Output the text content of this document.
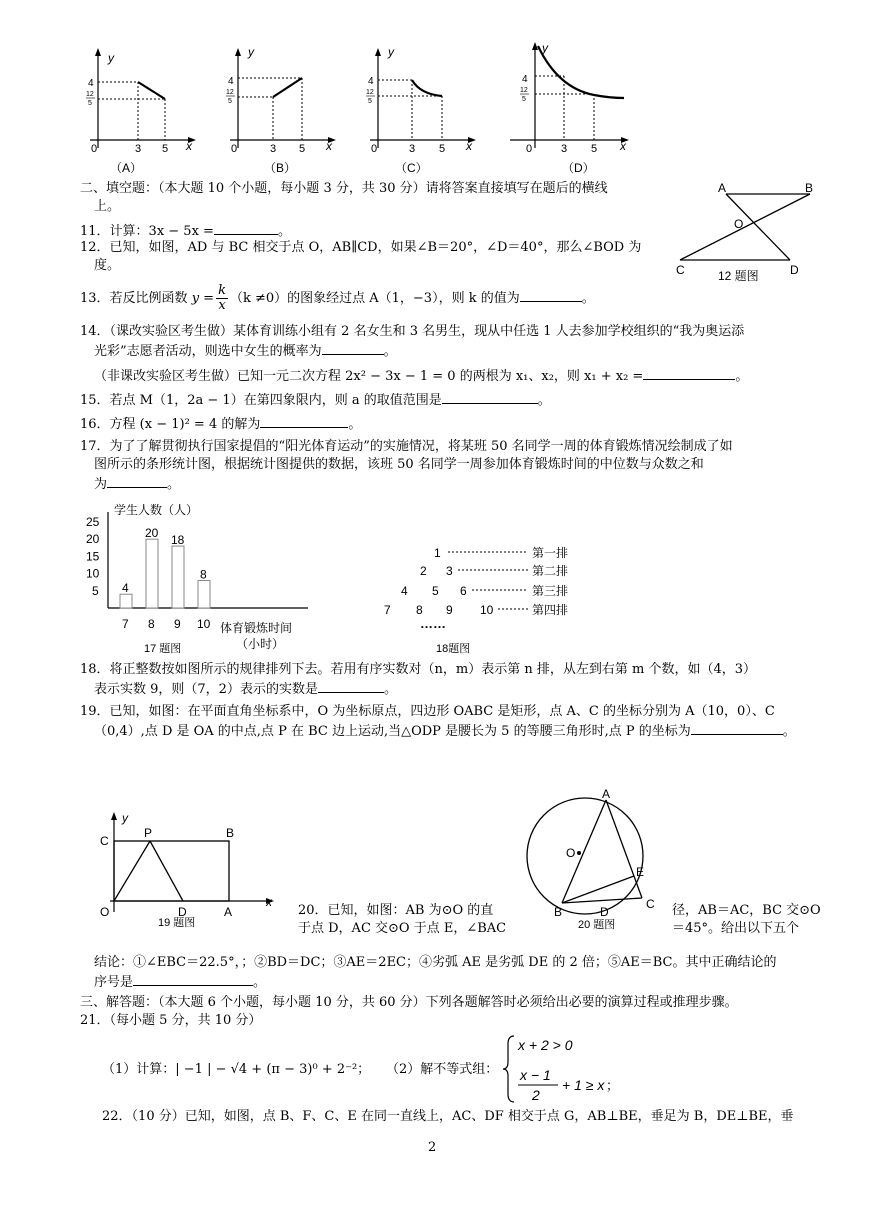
y
x
4
12
5
0	3 5
（A）
y
x
4
12
5
0	3 5
（B）
y
x
4
12
5
0	3 5
（C）
y
x
4
12
5
0	3 5
（D）
二、填空题：（本大题 10 个小题，每小题 3 分，共 30 分）请将答案直接填写在题后的横线
上。
A	B
O
C	D
12 题图
11．计算：3x − 5x =	。
12．已知，如图，AD 与 BC 相交于点 O，AB∥CD，如果∠B＝20°，∠D＝40°，那么∠BOD 为
度。
13．若反比例函数 $y = \frac{k}{x} (k \ne 0)$的图象经过点 A（1，−3），则 k 的值为	。
14．（课改实验区考生做）某体育训练小组有 2 名女生和 3 名男生，现从中任选 1 人去参加学校组织的“我为奥运添
光彩”志愿者活动，则选中女生的概率为	。
（非课改实验区考生做）已知一元二次方程 2x² − 3x − 1 = 0 的两根为 x₁、x₂，则 x₁ + x₂ =	。
15．若点 M（1，2a − 1）在第四象限内，则 a 的取值范围是	。
16．方程 (x − 1)² = 4 的解为	。
17．为了了解贯彻执行国家提倡的“阳光体育运动”的实施情况，将某班 50 名同学一周的体育锻炼情况绘制成了如
图所示的条形统计图，根据统计图提供的数据，该班 50 名同学一周参加体育锻炼时间的中位数与众数之和
为	。
学生人数（人）
体育锻炼时间
（小时）
17 题图
5
10
15
20
25
4
7
20
8
18
9
8
10
1
2 3
4 5 6
7 8 9 10
第一排
第二排
第三排
第四排
……
18题图
18．将正整数按如图所示的规律排列下去。若用有序实数对（n，m）表示第 n 排，从左到右第 m 个数，如（4，3）
表示实数 9，则（7，2）表示的实数是	。
19．已知，如图：在平面直角坐标系中，O 为坐标原点，四边形 OABC 是矩形，点 A、C 的坐标分别为 A（10，0）、C
（0,4）,点 D 是 OA 的中点,点 P 在 BC 边上运动,当△ODP 是腰长为 5 的等腰三角形时,点 P 的坐标为	。
y
x
C
P	B
O	D	A
19 题图
A
O
E
B	D
C
20 题图
20．已知，如图：AB 为⊙O 的直
于点 D，AC 交⊙O 于点 E，∠BAC
径，AB＝AC，BC 交⊙O
＝45°。给出以下五个
结论：①∠EBC＝22.5°，；②BD＝DC；③AE＝2EC；④劣弧 AE 是劣弧 DE 的 2 倍；⑤AE＝BC。其中正确结论的
序号是	。
三、解答题：（本大题 6 个小题，每小题 10 分，共 60 分）下列各题解答时必须给出必要的演算过程或推理步骤。
21．（每小题 5 分，共 10 分）
（1）计算：| −1 | − √4 + (π − 3)⁰ + 2⁻²； （2）解不等式组：
x + 2 > 0
x − 1
2
+ 1 ≥ x ；
22．（10 分）已知，如图，点 B、F、C、E 在同一直线上，AC、DF 相交于点 G，AB⊥BE，垂足为 B，DE⊥BE，垂
2
